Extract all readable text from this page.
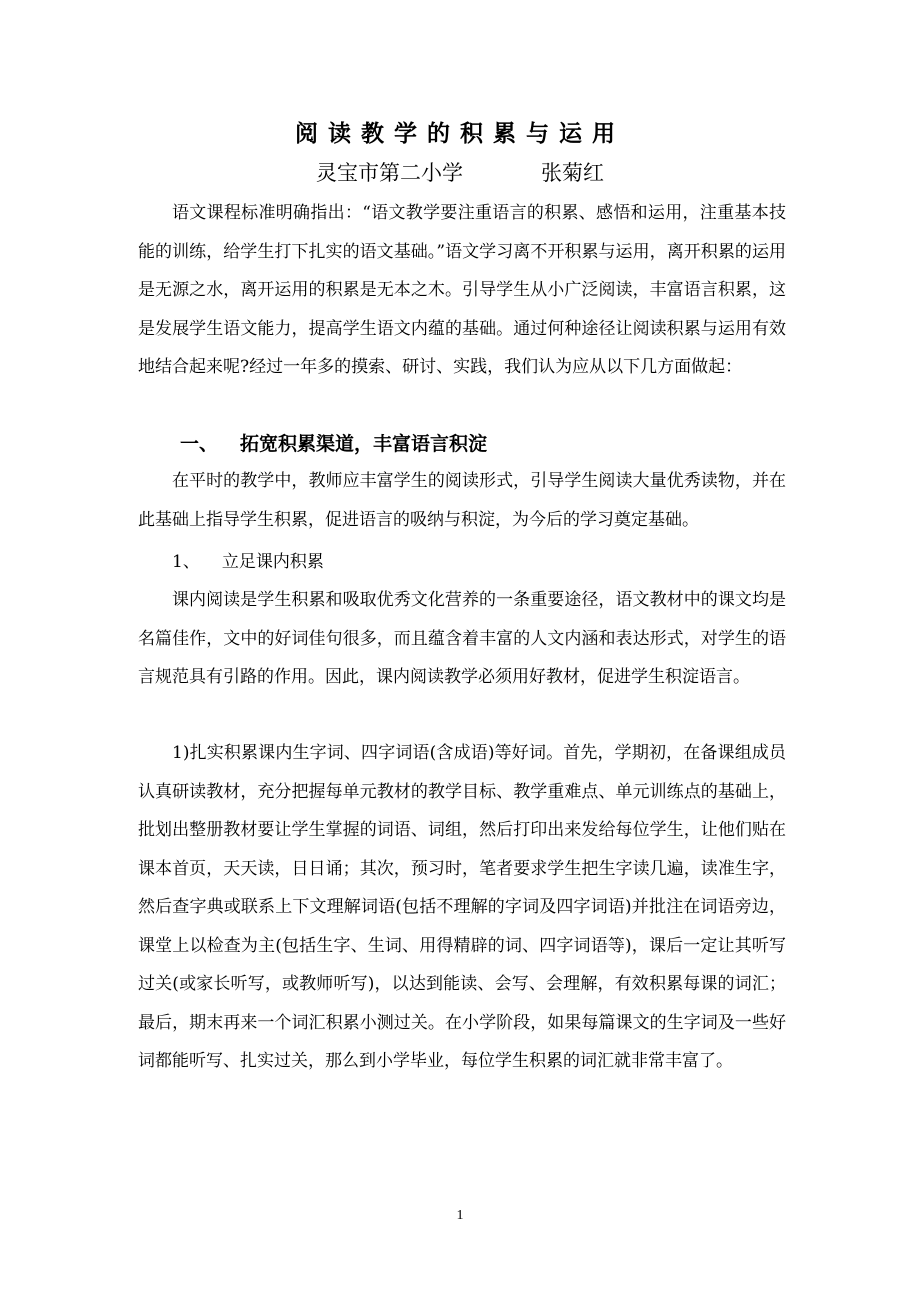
阅读教学的积累与运用
灵宝市第二小学	张菊红
语文课程标准明确指出：“语文教学要注重语言的积累、感悟和运用，注重基本技能的训练，给学生打下扎实的语文基础。”语文学习离不开积累与运用，离开积累的运用是无源之水，离开运用的积累是无本之木。引导学生从小广泛阅读，丰富语言积累，这是发展学生语文能力，提高学生语文内蕴的基础。通过何种途径让阅读积累与运用有效地结合起来呢?经过一年多的摸索、研讨、实践，我们认为应从以下几方面做起：
一、 拓宽积累渠道，丰富语言积淀
在平时的教学中，教师应丰富学生的阅读形式，引导学生阅读大量优秀读物，并在此基础上指导学生积累，促进语言的吸纳与积淀，为今后的学习奠定基础。
1、 立足课内积累
课内阅读是学生积累和吸取优秀文化营养的一条重要途径，语文教材中的课文均是名篇佳作，文中的好词佳句很多，而且蕴含着丰富的人文内涵和表达形式，对学生的语言规范具有引路的作用。因此，课内阅读教学必须用好教材，促进学生积淀语言。
1)扎实积累课内生字词、四字词语(含成语)等好词。首先，学期初，在备课组成员认真研读教材，充分把握每单元教材的教学目标、教学重难点、单元训练点的基础上，批划出整册教材要让学生掌握的词语、词组，然后打印出来发给每位学生，让他们贴在课本首页，天天读，日日诵；其次，预习时，笔者要求学生把生字读几遍，读准生字，然后查字典或联系上下文理解词语(包括不理解的字词及四字词语)并批注在词语旁边，课堂上以检查为主(包括生字、生词、用得精辟的词、四字词语等)，课后一定让其听写过关(或家长听写，或教师听写)，以达到能读、会写、会理解，有效积累每课的词汇；最后，期末再来一个词汇积累小测过关。在小学阶段，如果每篇课文的生字词及一些好词都能听写、扎实过关，那么到小学毕业，每位学生积累的词汇就非常丰富了。
1
